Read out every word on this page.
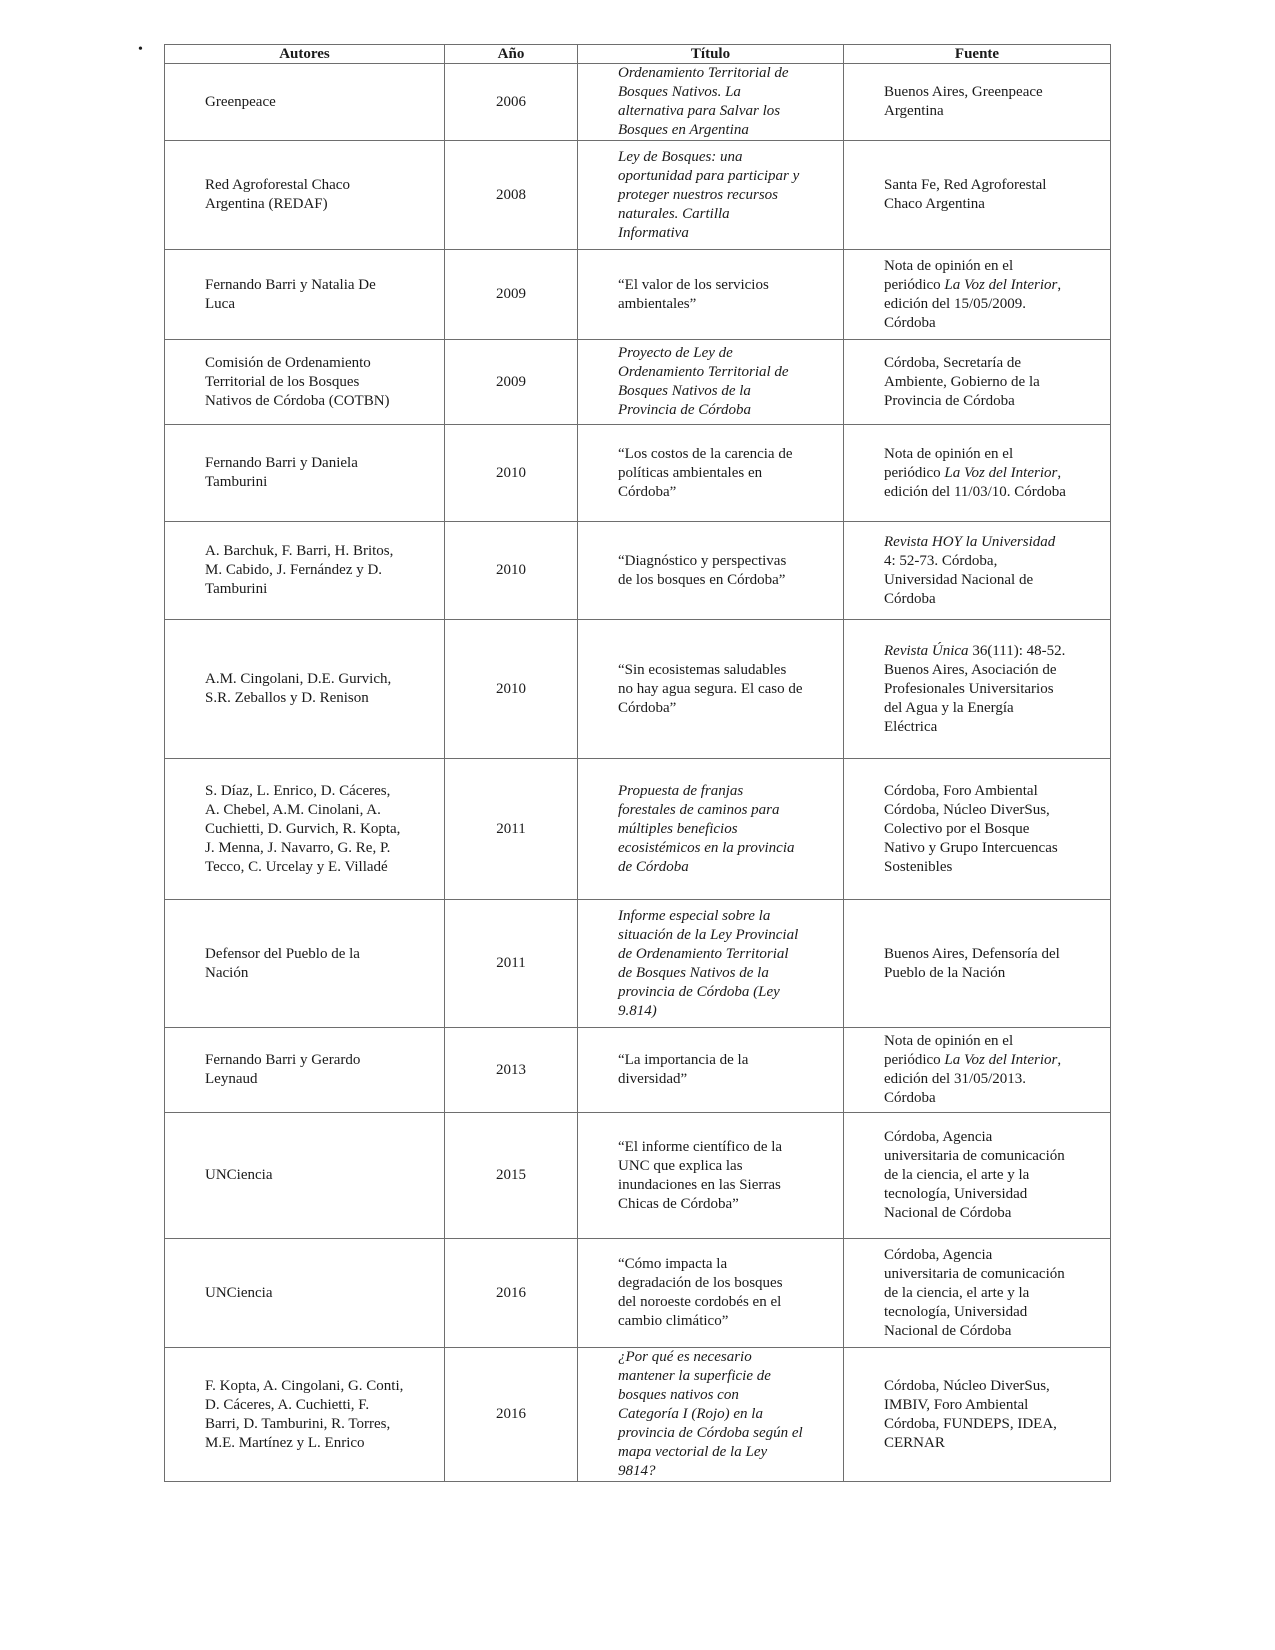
•	Autores	Año	Título	Fuente
Greenpeace	2006	Ordenamiento Territorial de Bosques Nativos. La alternativa para Salvar los Bosques en Argentina	Buenos Aires, Greenpeace Argentina
Red Agroforestal Chaco Argentina (REDAF)	2008	Ley de Bosques: una oportunidad para participar y proteger nuestros recursos naturales. Cartilla Informativa	Santa Fe, Red Agroforestal Chaco Argentina
Fernando Barri y Natalia De Luca	2009	“El valor de los servicios ambientales”	Nota de opinión en el periódico La Voz del Interior, edición del 15/05/2009. Córdoba
Comisión de Ordenamiento Territorial de los Bosques Nativos de Córdoba (COTBN)	2009	Proyecto de Ley de Ordenamiento Territorial de Bosques Nativos de la Provincia de Córdoba	Córdoba, Secretaría de Ambiente, Gobierno de la Provincia de Córdoba
Fernando Barri y Daniela Tamburini	2010	“Los costos de la carencia de políticas ambientales en Córdoba”	Nota de opinión en el periódico La Voz del Interior, edición del 11/03/10. Córdoba
A. Barchuk, F. Barri, H. Britos, M. Cabido, J. Fernández y D. Tamburini	2010	“Diagnóstico y perspectivas de los bosques en Córdoba”	Revista HOY la Universidad 4: 52-73. Córdoba, Universidad Nacional de Córdoba
A.M. Cingolani, D.E. Gurvich, S.R. Zeballos y D. Renison	2010	“Sin ecosistemas saludables no hay agua segura. El caso de Córdoba”	Revista Única 36(111): 48-52. Buenos Aires, Asociación de Profesionales Universitarios del Agua y la Energía Eléctrica
S. Díaz, L. Enrico, D. Cáceres, A. Chebel, A.M. Cinolani, A. Cuchietti, D. Gurvich, R. Kopta, J. Menna, J. Navarro, G. Re, P. Tecco, C. Urcelay y E. Villadé	2011	Propuesta de franjas forestales de caminos para múltiples beneficios ecosistémicos en la provincia de Córdoba	Córdoba, Foro Ambiental Córdoba, Núcleo DiverSus, Colectivo por el Bosque Nativo y Grupo Intercuencas Sostenibles
Defensor del Pueblo de la Nación	2011	Informe especial sobre la situación de la Ley Provincial de Ordenamiento Territorial de Bosques Nativos de la provincia de Córdoba (Ley 9.814)	Buenos Aires, Defensoría del Pueblo de la Nación
Fernando Barri y Gerardo Leynaud	2013	“La importancia de la diversidad”	Nota de opinión en el periódico La Voz del Interior, edición del 31/05/2013. Córdoba
UNCiencia	2015	“El informe científico de la UNC que explica las inundaciones en las Sierras Chicas de Córdoba”	Córdoba, Agencia universitaria de comunicación de la ciencia, el arte y la tecnología, Universidad Nacional de Córdoba
UNCiencia	2016	“Cómo impacta la degradación de los bosques del noroeste cordobés en el cambio climático”	Córdoba, Agencia universitaria de comunicación de la ciencia, el arte y la tecnología, Universidad Nacional de Córdoba
F. Kopta, A. Cingolani, G. Conti, D. Cáceres, A. Cuchietti, F. Barri, D. Tamburini, R. Torres, M.E. Martínez y L. Enrico	2016	¿Por qué es necesario mantener la superficie de bosques nativos con Categoría I (Rojo) en la provincia de Córdoba según el mapa vectorial de la Ley 9814?	Córdoba, Núcleo DiverSus, IMBIV, Foro Ambiental Córdoba, FUNDEPS, IDEA, CERNAR
